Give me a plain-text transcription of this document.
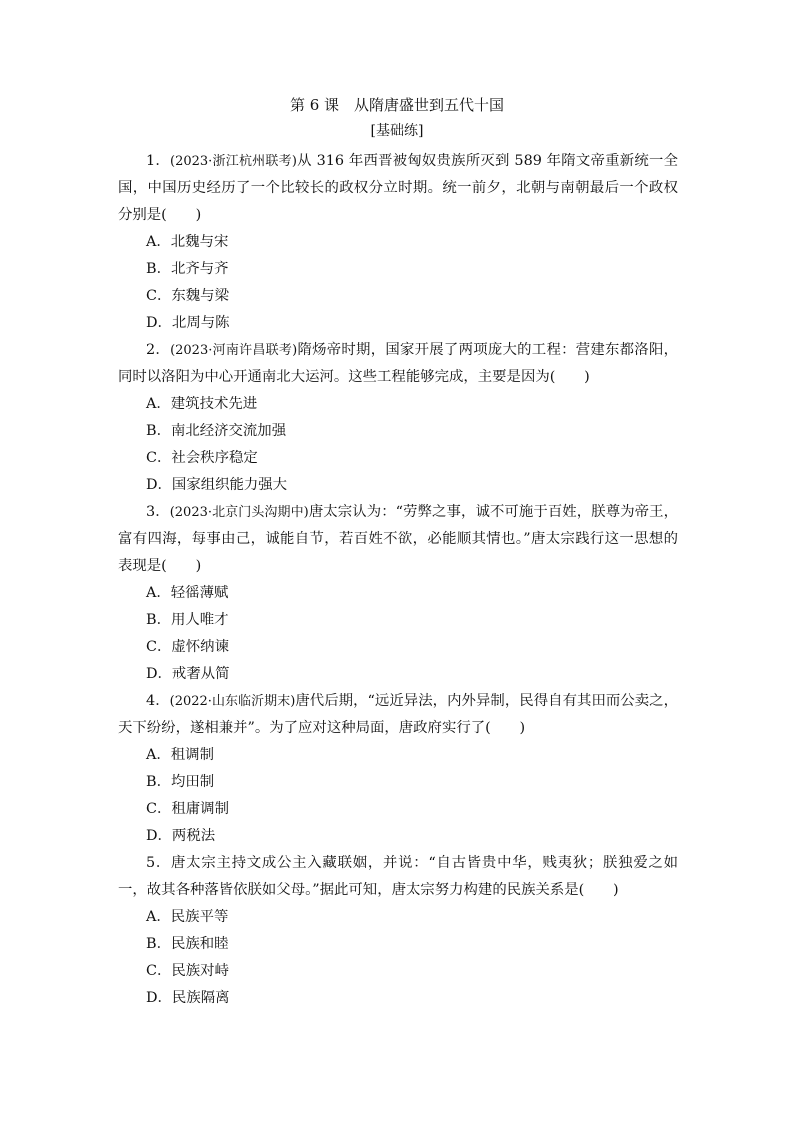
第 6 课　从隋唐盛世到五代十国
[基础练]

1．(2023·浙江杭州联考)从 316 年西晋被匈奴贵族所灭到 589 年隋文帝重新统一全国，中国历史经历了一个比较长的政权分立时期。统一前夕，北朝与南朝最后一个政权分别是(　　)

A．北魏与宋
B．北齐与齐
C．东魏与梁
D．北周与陈

2．(2023·河南许昌联考)隋炀帝时期，国家开展了两项庞大的工程：营建东都洛阳，同时以洛阳为中心开通南北大运河。这些工程能够完成，主要是因为(　　)

A．建筑技术先进
B．南北经济交流加强
C．社会秩序稳定
D．国家组织能力强大

3．(2023·北京门头沟期中)唐太宗认为：“劳弊之事，诚不可施于百姓，朕尊为帝王，富有四海，每事由己，诚能自节，若百姓不欲，必能顺其情也。”唐太宗践行这一思想的表现是(　　)

A．轻徭薄赋
B．用人唯才
C．虚怀纳谏
D．戒奢从简

4．(2022·山东临沂期末)唐代后期，“远近异法，内外异制，民得自有其田而公卖之，天下纷纷，遂相兼并”。为了应对这种局面，唐政府实行了(　　)

A．租调制
B．均田制
C．租庸调制
D．两税法

5．唐太宗主持文成公主入藏联姻，并说：“自古皆贵中华，贱夷狄；朕独爱之如一，故其各种落皆依朕如父母。”据此可知，唐太宗努力构建的民族关系是(　　)

A．民族平等
B．民族和睦
C．民族对峙
D．民族隔离
